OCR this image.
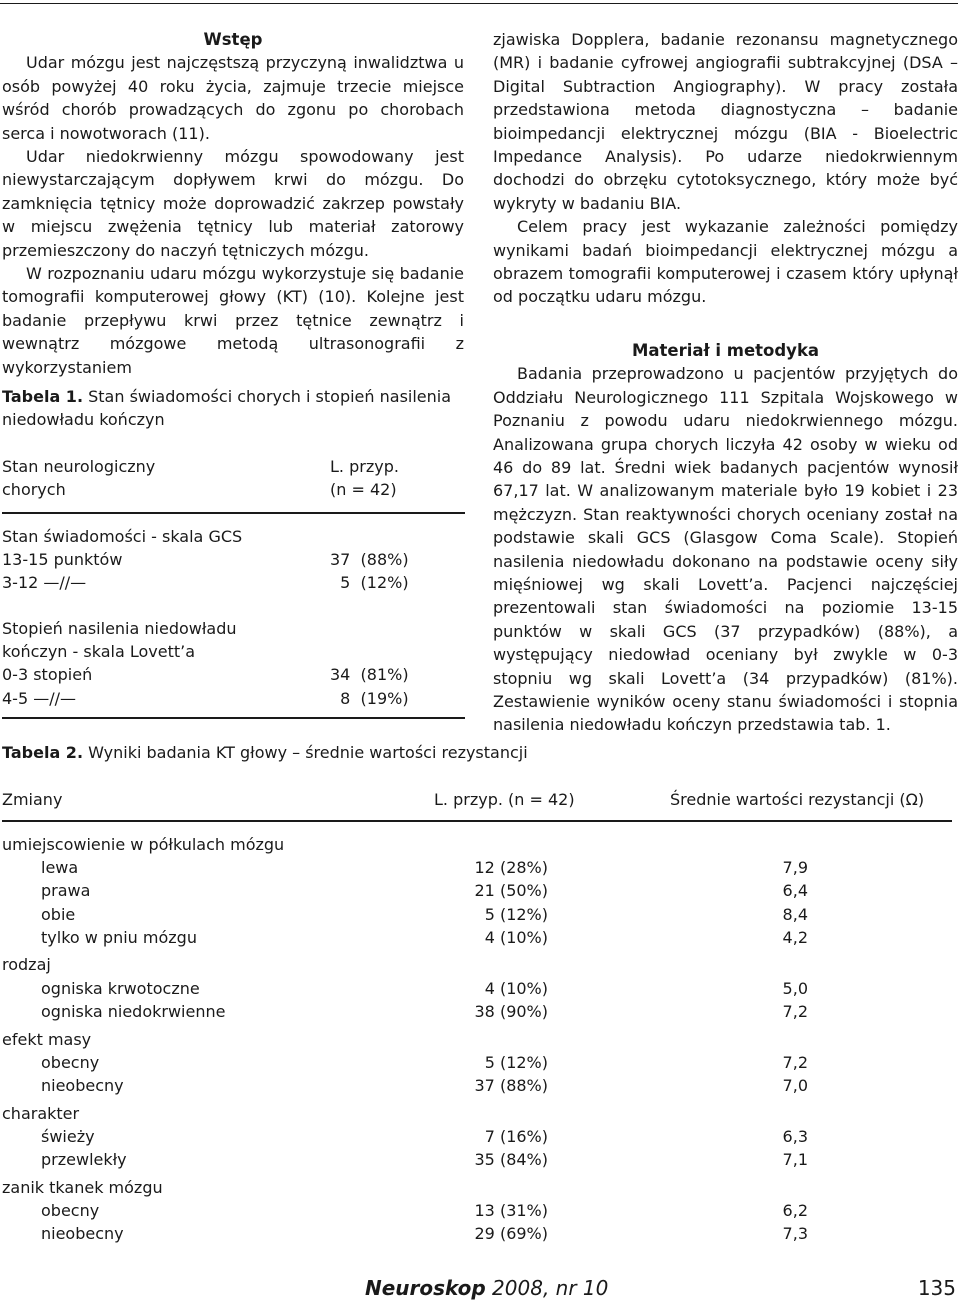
Wstęp

Udar mózgu jest najczęstszą przyczyną inwalidztwa u osób powyżej 40 roku życia, zajmuje trzecie miejsce wśród chorób prowadzących do zgonu po chorobach serca i nowotworach (11).

Udar niedokrwienny mózgu spowodowany jest niewystarczającym dopływem krwi do mózgu. Do zamknięcia tętnicy może doprowadzić zakrzep powstały w miejscu zwężenia tętnicy lub materiał zatorowy przemieszczony do naczyń tętniczych mózgu.

W rozpoznaniu udaru mózgu wykorzystuje się badanie tomografii komputerowej głowy (KT) (10). Kolejne jest badanie przepływu krwi przez tętnice zewnątrz i wewnątrz mózgowe metodą ultrasonografii z wykorzystaniem

zjawiska Dopplera, badanie rezonansu magnetycznego (MR) i badanie cyfrowej angiografii subtrakcyjnej (DSA – Digital Subtraction Angiography). W pracy została przedstawiona metoda diagnostyczna – badanie bioimpedancji elektrycznej mózgu (BIA - Bioelectric Impedance Analysis). Po udarze niedokrwiennym dochodzi do obrzęku cytotoksycznego, który może być wykryty w badaniu BIA.

Celem pracy jest wykazanie zależności pomiędzy wynikami badań bioimpedancji elektrycznej mózgu a obrazem tomografii komputerowej i czasem który upłynął od początku udaru mózgu.

Materiał i metodyka

Badania przeprowadzono u pacjentów przyjętych do Oddziału Neurologicznego 111 Szpitala Wojskowego w Poznaniu z powodu udaru niedokrwiennego mózgu. Analizowana grupa chorych liczyła 42 osoby w wieku od 46 do 89 lat. Średni wiek badanych pacjentów wynosił 67,17 lat. W analizowanym materiale było 19 kobiet i 23 mężczyzn. Stan reaktywności chorych oceniany został na podstawie skali GCS (Glasgow Coma Scale). Stopień nasilenia niedowładu dokonano na podstawie oceny siły mięśniowej wg skali Lovett’a. Pacjenci najczęściej prezentowali stan świadomości na poziomie 13-15 punktów w skali GCS (37 przypadków) (88%), a występujący niedowład oceniany był zwykle w 0-3 stopniu wg skali Lovett’a (34 przypadków) (81%). Zestawienie wyników oceny stanu świadomości i stopnia nasilenia niedowładu kończyn przedstawia tab. 1.

Tabela 1. Stan świadomości chorych i stopień nasilenia niedowładu kończyn
Stan neurologiczny	L. przyp.
chorych	(n = 42)
Stan świadomości - skala GCS
13-15 punktów	37  (88%)
3-12 —//—	5  (12%)
Stopień nasilenia niedowładu
kończyn - skala Lovett’a
0-3 stopień	34  (81%)
4-5 —//—	8  (19%)
Tabela 2. Wyniki badania KT głowy – średnie wartości rezystancji
Zmiany	L. przyp. (n = 42)	Średnie wartości rezystancji (Ω)
umiejscowienie w półkulach mózgu
lewa	12 (28%)	7,9
prawa	21 (50%)	6,4
obie	5 (12%)	8,4
tylko w pniu mózgu	4 (10%)	4,2
rodzaj
ogniska krwotoczne	4 (10%)	5,0
ogniska niedokrwienne	38 (90%)	7,2
efekt masy
obecny	5 (12%)	7,2
nieobecny	37 (88%)	7,0
charakter
świeży	7 (16%)	6,3
przewlekły	35 (84%)	7,1
zanik tkanek mózgu
obecny	13 (31%)	6,2
nieobecny	29 (69%)	7,3
Neuroskop 2008, nr 10	135
